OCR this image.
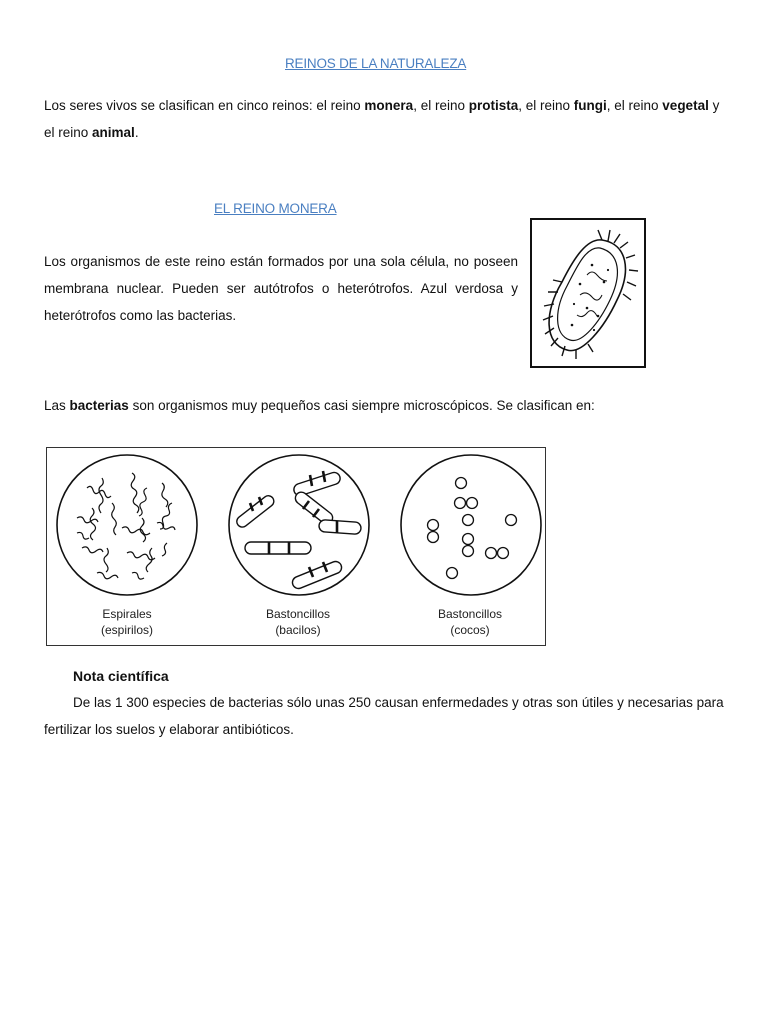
REINOS DE LA NATURALEZA

Los seres vivos se clasifican en cinco reinos: el reino monera, el reino protista, el reino fungi, el reino vegetal y el reino animal.

EL REINO MONERA

Los organismos de este reino están formados por una sola célula, no poseen membrana nuclear. Pueden ser autótrofos o heterótrofos. Azul verdosa y heterótrofos como las bacterias.

Las bacterias son organismos muy pequeños casi siempre microscópicos. Se clasifican en:

Espirales
(espirilos)
Bastoncillos
(bacilos)
Bastoncillos
(cocos)
Nota científica

De las 1 300 especies de bacterias sólo unas 250 causan enfermedades y otras son útiles y necesarias para fertilizar los suelos y elaborar antibióticos.
